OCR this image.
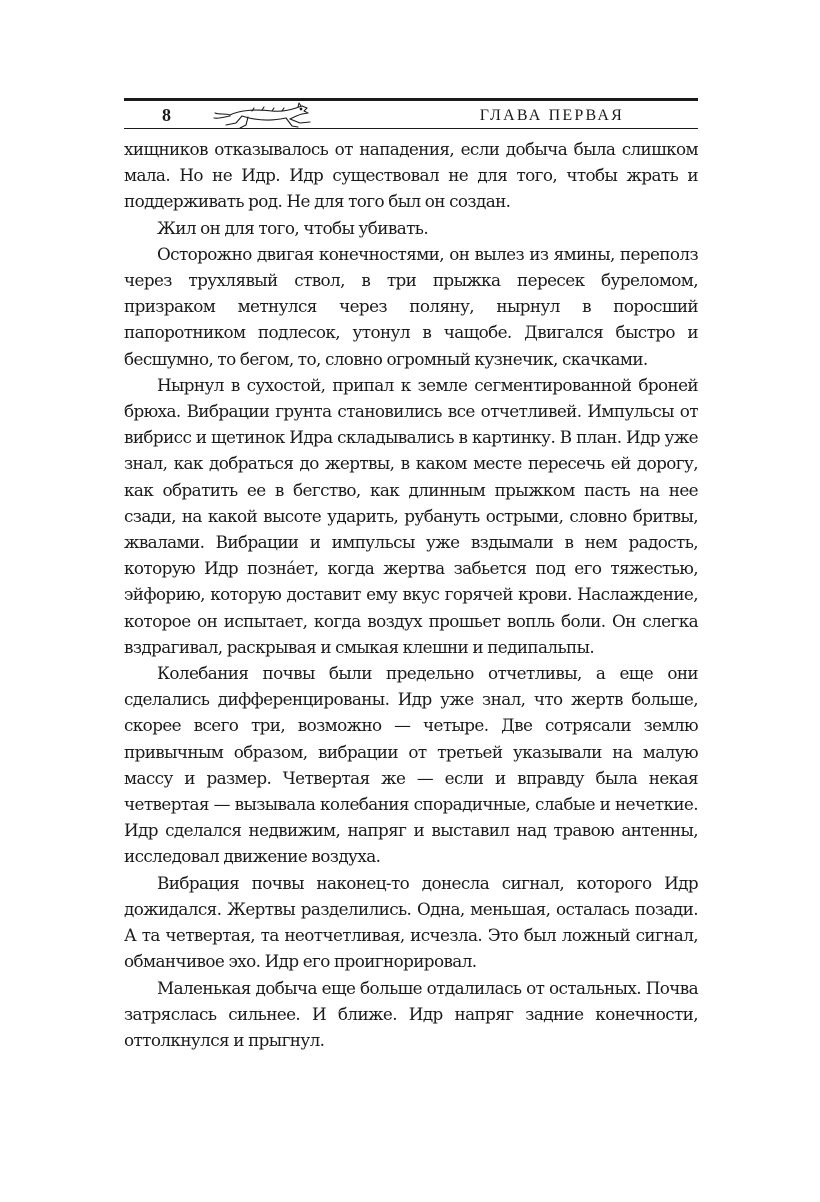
8	ГЛАВА ПЕРВАЯ

хищников отказывалось от нападения, если добыча была слишком мала. Но не Идр. Идр существовал не для того, чтобы жрать и поддерживать род. Не для того был он создан.

Жил он для того, чтобы убивать.

Осторожно двигая конечностями, он вылез из ямины, переполз через трухлявый ствол, в три прыжка пересек буреломом, призраком метнулся через поляну, нырнул в поросший папоротником подлесок, утонул в чащобе. Двигался быстро и бесшумно, то бегом, то, словно огромный кузнечик, скачками.

Нырнул в сухостой, припал к земле сегментированной броней брюха. Вибрации грунта становились все отчетливей. Импульсы от вибрисс и щетинок Идра складывались в картинку. В план. Идр уже знал, как добраться до жертвы, в каком месте пересечь ей дорогу, как обратить ее в бегство, как длинным прыжком пасть на нее сзади, на какой высоте ударить, рубануть острыми, словно бритвы, жвалами. Вибрации и импульсы уже вздымали в нем радость, которую Идр позна́ет, когда жертва забьется под его тяжестью, эйфорию, которую доставит ему вкус горячей крови. Наслаждение, которое он испытает, когда воздух прошьет вопль боли. Он слегка вздрагивал, раскрывая и смыкая клешни и педипальпы.

Колебания почвы были предельно отчетливы, а еще они сделались дифференцированы. Идр уже знал, что жертв больше, скорее всего три, возможно — четыре. Две сотрясали землю привычным образом, вибрации от третьей указывали на малую массу и размер. Четвертая же — если и вправду была некая четвертая — вызывала колебания спорадичные, слабые и нечеткие. Идр сделался недвижим, напряг и выставил над травою антенны, исследовал движение воздуха.

Вибрация почвы наконец-то донесла сигнал, которого Идр дожидался. Жертвы разделились. Одна, меньшая, осталась позади. А та четвертая, та неотчетливая, исчезла. Это был ложный сигнал, обманчивое эхо. Идр его проигнорировал.

Маленькая добыча еще больше отдалилась от остальных. Почва затряслась сильнее. И ближе. Идр напряг задние конечности, оттолкнулся и прыгнул.
